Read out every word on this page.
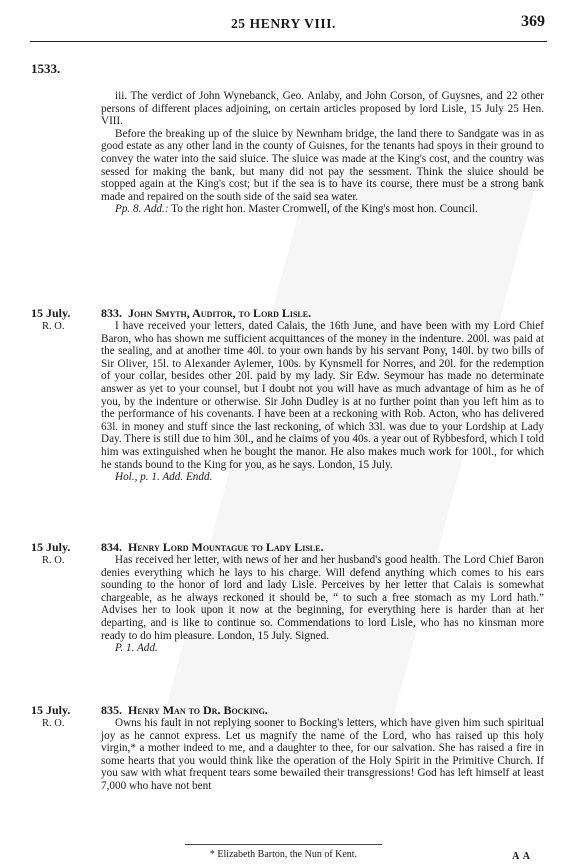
25 HENRY VIII.	369
1533.

iii. The verdict of John Wynebanck, Geo. Anlaby, and John Corson, of Guysnes, and 22 other persons of different places adjoining, on certain articles proposed by lord Lisle, 15 July 25 Hen. VIII.

Before the breaking up of the sluice by Newnham bridge, the land there to Sandgate was in as good estate as any other land in the county of Guisnes, for the tenants had spoys in their ground to convey the water into the said sluice. The sluice was made at the King's cost, and the country was sessed for making the bank, but many did not pay the sessment. Think the sluice should be stopped again at the King's cost; but if the sea is to have its course, there must be a strong bank made and repaired on the south side of the said sea water.

Pp. 8. Add.: To the right hon. Master Cromwell, of the King's most hon. Council.

15 July.
R. O.

833. John Smyth, Auditor, to Lord Lisle.

I have received your letters, dated Calais, the 16th June, and have been with my Lord Chief Baron, who has shown me sufficient acquittances of the money in the indenture. 200l. was paid at the sealing, and at another time 40l. to your own hands by his servant Pony, 140l. by two bills of Sir Oliver, 15l. to Alexander Aylemer, 100s. by Kynsmell for Norres, and 20l. for the redemption of your collar, besides other 20l. paid by my lady. Sir Edw. Seymour has made no determinate answer as yet to your counsel, but I doubt not you will have as much advantage of him as he of you, by the indenture or otherwise. Sir John Dudley is at no further point than you left him as to the performance of his covenants. I have been at a reckoning with Rob. Acton, who has delivered 63l. in money and stuff since the last reckoning, of which 33l. was due to your Lordship at Lady Day. There is still due to him 30l., and he claims of you 40s. a year out of Rybbesford, which I told him was extinguished when he bought the manor. He also makes much work for 100l., for which he stands bound to the King for you, as he says. London, 15 July.

Hol., p. 1. Add. Endd.

15 July.
R. O.

834. Henry Lord Mountague to Lady Lisle.

Has received her letter, with news of her and her husband's good health. The Lord Chief Baron denies everything which he lays to his charge. Will defend anything which comes to his ears sounding to the honor of lord and lady Lisle. Perceives by her letter that Calais is somewhat chargeable, as he always reckoned it should be, “ to such a free stomach as my Lord hath.” Advises her to look upon it now at the beginning, for everything here is harder than at her departing, and is like to continue so. Commendations to lord Lisle, who has no kinsman more ready to do him pleasure. London, 15 July. Signed.

P. 1. Add.

15 July.
R. O.

835. Henry Man to Dr. Bocking.

Owns his fault in not replying sooner to Bocking's letters, which have given him such spiritual joy as he cannot express. Let us magnify the name of the Lord, who has raised up this holy virgin,* a mother indeed to me, and a daughter to thee, for our salvation. She has raised a fire in some hearts that you would think like the operation of the Holy Spirit in the Primitive Church. If you saw with what frequent tears some bewailed their transgressions! God has left himself at least 7,000 who have not bent

* Elizabeth Barton, the Nun of Kent.	A A
